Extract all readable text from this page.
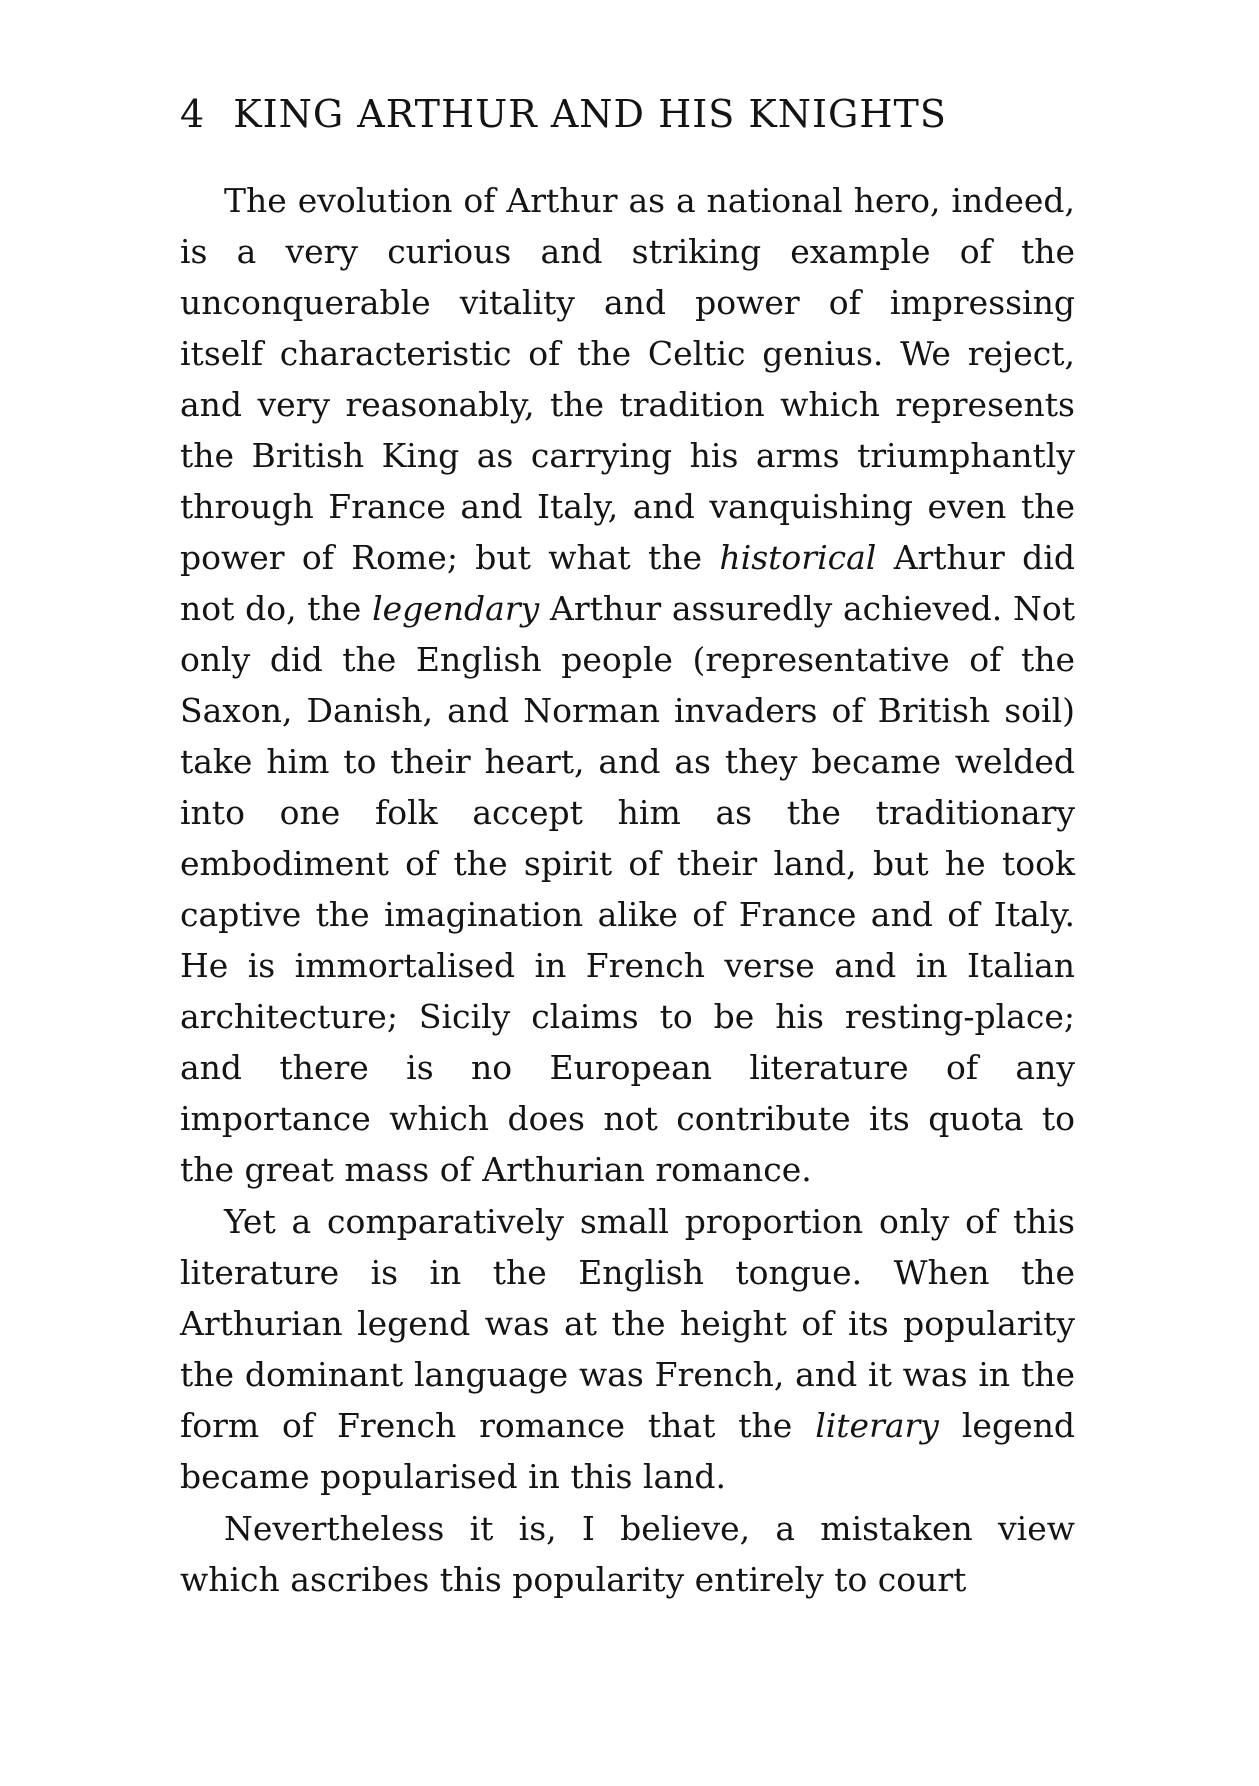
4 KING ARTHUR AND HIS KNIGHTS

The evolution of Arthur as a national hero, indeed, is a very curious and striking example of the unconquerable vitality and power of impressing itself characteristic of the Celtic genius. We reject, and very reasonably, the tradition which represents the British King as carrying his arms triumphantly through France and Italy, and vanquishing even the power of Rome; but what the historical Arthur did not do, the legendary Arthur assuredly achieved. Not only did the English people (representative of the Saxon, Danish, and Norman invaders of British soil) take him to their heart, and as they became welded into one folk accept him as the traditionary embodiment of the spirit of their land, but he took captive the imagination alike of France and of Italy. He is immortalised in French verse and in Italian architecture; Sicily claims to be his resting-place; and there is no European literature of any importance which does not contribute its quota to the great mass of Arthurian romance.

Yet a comparatively small proportion only of this literature is in the English tongue. When the Arthurian legend was at the height of its popularity the dominant language was French, and it was in the form of French romance that the literary legend became popularised in this land.

Nevertheless it is, I believe, a mistaken view which ascribes this popularity entirely to court
